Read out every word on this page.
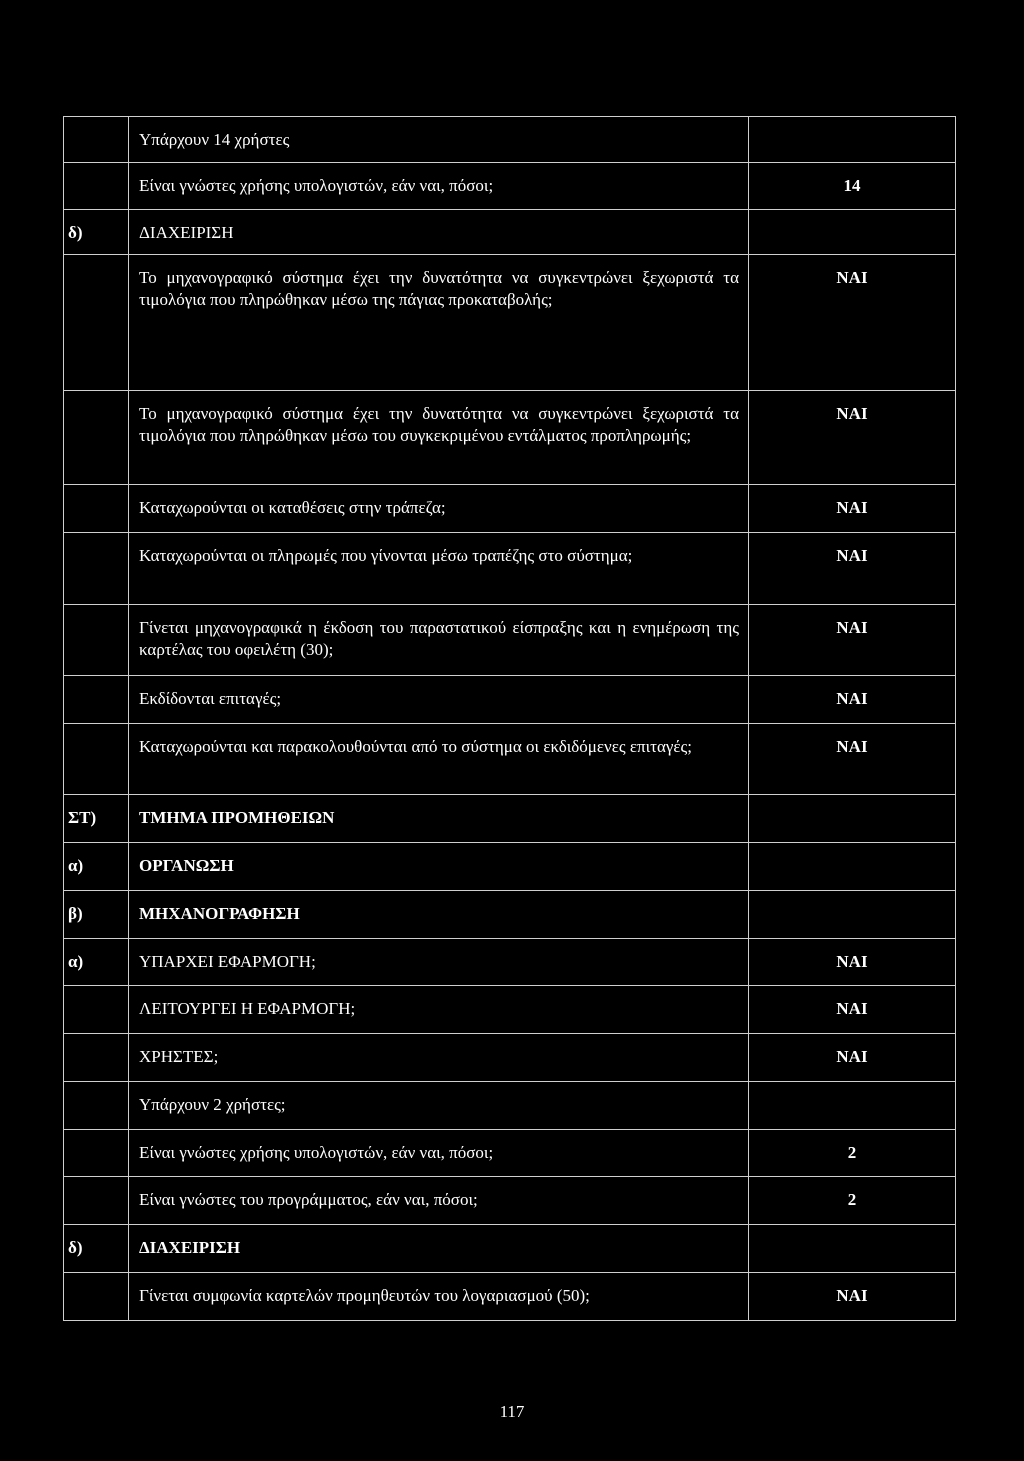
	Υπάρχουν 14 χρήστες	
	Είναι γνώστες χρήσης υπολογιστών, εάν ναι, πόσοι;	14
δ)	ΔΙΑΧΕΙΡΙΣΗ	
	Το μηχανογραφικό σύστημα έχει την δυνατότητα να συγκεντρώνει ξεχωριστά τα τιμολόγια που πληρώθηκαν μέσω της πάγιας προκαταβολής;	ΝΑΙ
	Το μηχανογραφικό σύστημα έχει την δυνατότητα να συγκεντρώνει ξεχωριστά τα τιμολόγια που πληρώθηκαν μέσω του συγκεκριμένου εντάλματος προπληρωμής;	ΝΑΙ
	Καταχωρούνται οι καταθέσεις στην τράπεζα;	ΝΑΙ
	Καταχωρούνται οι πληρωμές που γίνονται μέσω τραπέζης στο σύστημα;	ΝΑΙ
	Γίνεται μηχανογραφικά η έκδοση του παραστατικού είσπραξης και η ενημέρωση της καρτέλας του οφειλέτη (30);	ΝΑΙ
	Εκδίδονται επιταγές;	ΝΑΙ
	Καταχωρούνται και παρακολουθούνται από το σύστημα οι εκδιδόμενες επιταγές;	ΝΑΙ
ΣΤ)	ΤΜΗΜΑ ΠΡΟΜΗΘΕΙΩΝ	
α)	ΟΡΓΑΝΩΣΗ	
β)	ΜΗΧΑΝΟΓΡΑΦΗΣΗ	
α)	ΥΠΑΡΧΕΙ ΕΦΑΡΜΟΓΗ;	ΝΑΙ
	ΛΕΙΤΟΥΡΓΕΙ Η ΕΦΑΡΜΟΓΗ;	ΝΑΙ
	ΧΡΗΣΤΕΣ;	ΝΑΙ
	Υπάρχουν 2 χρήστες;	
	Είναι γνώστες χρήσης υπολογιστών, εάν ναι, πόσοι;	2
	Είναι γνώστες του προγράμματος, εάν ναι, πόσοι;	2
δ)	ΔΙΑΧΕΙΡΙΣΗ	
	Γίνεται συμφωνία καρτελών προμηθευτών του λογαριασμού (50);	ΝΑΙ
117
